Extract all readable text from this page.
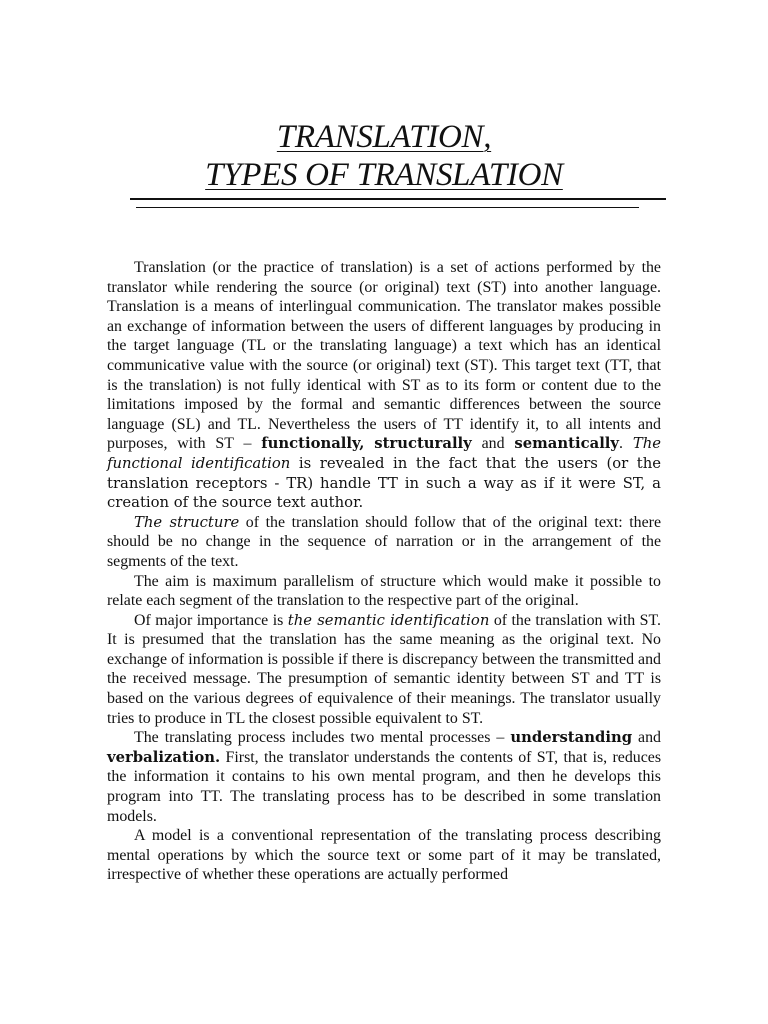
TRANSLATION,
TYPES OF TRANSLATION

Translation (or the practice of translation) is a set of actions performed by the translator while rendering the source (or original) text (ST) into another language. Translation is a means of interlingual communication. The translator makes possible an exchange of information between the users of different languages by producing in the target language (TL or the translating language) a text which has an identical communicative value with the source (or original) text (ST). This target text (TT, that is the translation) is not fully identical with ST as to its form or content due to the limitations imposed by the formal and semantic differences between the source language (SL) and TL. Nevertheless the users of TT identify it, to all intents and purposes, with ST – functionally, structurally and semantically. The functional identification is revealed in the fact that the users (or the translation receptors - TR) handle TT in such a way as if it were ST, a creation of the source text author.

The structure of the translation should follow that of the original text: there should be no change in the sequence of narration or in the arrangement of the segments of the text.

The aim is maximum parallelism of structure which would make it possible to relate each segment of the translation to the respective part of the original.

Of major importance is the semantic identification of the translation with ST. It is presumed that the translation has the same meaning as the original text. No exchange of information is possible if there is discrepancy between the transmitted and the received message. The presumption of semantic identity between ST and TT is based on the various degrees of equivalence of their meanings. The translator usually tries to produce in TL the closest possible equivalent to ST.

The translating process includes two mental processes – understanding and verbalization. First, the translator understands the contents of ST, that is, reduces the information it contains to his own mental program, and then he develops this program into TT. The translating process has to be described in some translation models.

A model is a conventional representation of the translating process describing mental operations by which the source text or some part of it may be translated, irrespective of whether these operations are actually performed
